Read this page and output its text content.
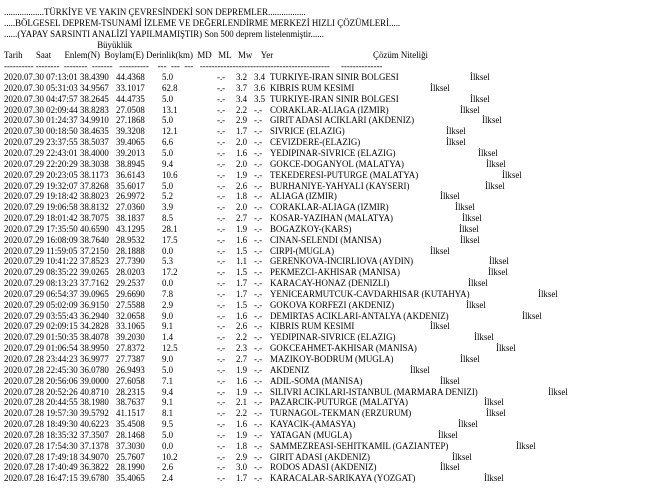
..................TÜRKİYE VE YAKIN ÇEVRESİNDEKİ SON DEPREMLER.................
.....BÖLGESEL DEPREM-TSUNAMİ İZLEME VE DEĞERLENDİRME MERKEZİ HIZLI ÇÖZÜMLERİ.....
......(YAPAY SARSINTI ANALİZİ YAPILMAMIŞTIR) Son 500 deprem listelenmiştir......
Büyüklük
Tarih      Saat      Enlem(N)  Boylam(E) Derinlik(km)  MD   ML   Mw    Yer                                             Çözüm Niteliği
---------- --------  --------  -------   ----------    ---  ---  ---   --------------------------------------------     --------------
2020.07.30 07:13:01 38.4390 44.4368 5.0	-.- 3.2 3.4 TURKIYE-IRAN SINIR BOLGESI	İlksel
2020.07.30 05:31:03 34.9567 33.1017 62.8	-.- 3.7 3.6 KIBRIS RUM KESIMI	İlksel
2020.07.30 04:47:57 38.2645 44.4735 5.0	-.- 3.4 3.5 TURKIYE-IRAN SINIR BOLGESI	İlksel
2020.07.30 02:09:44 38.8283 27.0508 13.1	-.- 2.2 -.- CORAKLAR-ALIAGA (IZMIR)	İlksel
2020.07.30 01:24:37 34.9910 27.1868 5.0	-.- 2.9 -.- GIRIT ADASI ACIKLARI (AKDENIZ)	İlksel
2020.07.30 00:18:50 38.4635 39.3208 12.1	-.- 1.7 -.- SIVRICE (ELAZIG)	İlksel
2020.07.29 23:37:55 38.5037 39.4065 6.6	-.- 2.0 -.- CEVIZDERE-(ELAZIG)	İlksel
2020.07.29 22:43:01 38.4000 39.2013 5.0	-.- 1.6 -.- YEDIPINAR-SIVRICE (ELAZIG)	İlksel
2020.07.29 22:20:29 38.3038 38.8945 9.4	-.- 2.0 -.- GOKCE-DOGANYOL (MALATYA)	İlksel
2020.07.29 20:23:05 38.1173 36.6143 10.6	-.- 1.9 -.- TEKEDERESI-PUTURGE (MALATYA)	İlksel
2020.07.29 19:32:07 37.8268 35.6017 5.0	-.- 2.6 -.- BURHANIYE-YAHYALI (KAYSERI)	İlksel
2020.07.29 19:18:42 38.8023 26.9972 5.2	-.- 1.8 -.- ALIAGA (IZMIR)	İlksel
2020.07.29 19:06:58 38.8132 27.0360 3.9	-.- 2.0 -.- CORAKLAR-ALIAGA (IZMIR)	İlksel
2020.07.29 18:01:42 38.7075 38.1837 8.5	-.- 2.7 -.- KOSAR-YAZIHAN (MALATYA)	İlksel
2020.07.29 17:35:50 40.6590 43.1295 28.1	-.- 1.9 -.- BOGAZKOY-(KARS)	İlksel
2020.07.29 16:08:09 38.7640 28.9532 17.5	-.- 1.6 -.- CINAN-SELENDI (MANISA)	İlksel
2020.07.29 11:59:05 37.2150 28.1888 0.0	-.- 1.5 -.- CIRPI-(MUGLA)	İlksel
2020.07.29 10:41:22 37.8523 27.7390 5.3	-.- 1.1 -.- GERENKOVA-INCIRLIOVA (AYDIN)	İlksel
2020.07.29 08:35:22 39.0265 28.0203 17.2	-.- 1.5 -.- PEKMEZCI-AKHISAR (MANISA)	İlksel
2020.07.29 08:13:23 37.7162 29.2537 0.0	-.- 1.7 -.- KARACAY-HONAZ (DENIZLI)	İlksel
2020.07.29 06:54:37 39.0965 29.6690 7.8	-.- 1.7 -.- YENICEARMUTCUK-CAVDARHISAR (KUTAHYA)	İlksel
2020.07.29 05:02:09 36.9150 27.5588 2.9	-.- 1.5 -.- GOKOVA KORFEZI (AKDENIZ)	İlksel
2020.07.29 03:55:43 36.2940 32.0658 9.0	-.- 1.6 -.- DEMIRTAS ACIKLARI-ANTALYA (AKDENIZ)	İlksel
2020.07.29 02:09:15 34.2828 33.1065 9.1	-.- 2.6 -.- KIBRIS RUM KESIMI	İlksel
2020.07.29 01:50:35 38.4078 39.2030 1.4	-.- 2.2 -.- YEDIPINAR-SIVRICE (ELAZIG)	İlksel
2020.07.29 01:06:54 38.9950 27.8372 12.5	-.- 2.3 -.- GOKCEAHMET-AKHISAR (MANISA)	İlksel
2020.07.28 23:44:23 36.9977 27.7387 9.0	-.- 2.7 -.- MAZIKOY-BODRUM (MUGLA)	İlksel
2020.07.28 22:45:30 36.0780 26.9493 5.0	-.- 1.9 -.- AKDENIZ	İlksel
2020.07.28 20:56:06 39.0000 27.6058 7.1	-.- 1.6 -.- ADIL-SOMA (MANISA)	İlksel
2020.07.28 20:52:26 40.8710 28.2315 9.4	-.- 1.9 -.- SILIVRI ACIKLARI-ISTANBUL (MARMARA DENIZI)	İlksel
2020.07.28 20:44:55 38.1980 38.7637 9.1	-.- 2.1 -.- PAZARCIK-PUTURGE (MALATYA)	İlksel
2020.07.28 19:57:30 39.5792 41.1517 8.1	-.- 2.2 -.- TURNAGOL-TEKMAN (ERZURUM)	İlksel
2020.07.28 18:49:30 40.6223 35.4508 9.5	-.- 1.6 -.- KAYACIK-(AMASYA)	İlksel
2020.07.28 18:35:32 37.3507 28.1468 5.0	-.- 1.9 -.- YATAGAN (MUGLA)	İlksel
2020.07.28 17:54:30 37.1378 37.3030 0.0	-.- 1.8 -.- SAMMEZREASI-SEHITKAMIL (GAZIANTEP)	İlksel
2020.07.28 17:49:18 34.9070 25.7607 10.2	-.- 2.9 -.- GIRIT ADASI (AKDENIZ)	İlksel
2020.07.28 17:40:49 36.3822 28.1990 2.6	-.- 3.0 -.- RODOS ADASI (AKDENIZ)	İlksel
2020.07.28 16:47:15 39.6780 35.4065 2.4	-.- 1.7 -.- KARACALAR-SARIKAYA (YOZGAT)	İlksel
